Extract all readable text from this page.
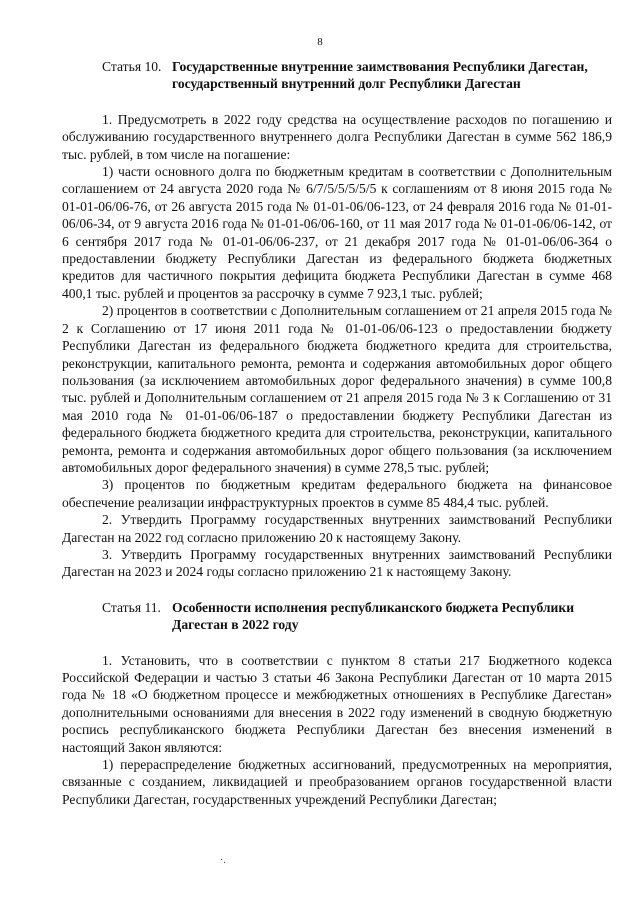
8
Статья 10. Государственные внутренние заимствования Республики Дагестан, государственный внутренний долг Республики Дагестан

1. Предусмотреть в 2022 году средства на осуществление расходов по погашению и обслуживанию государственного внутреннего долга Республики Дагестан в сумме 562 186,9 тыс. рублей, в том числе на погашение:

1) части основного долга по бюджетным кредитам в соответствии с Дополнительным соглашением от 24 августа 2020 года № 6/7/5/5/5/5/5 к соглашениям от 8 июня 2015 года № 01-01-06/06-76, от 26 августа 2015 года № 01-01-06/06-123, от 24 февраля 2016 года № 01-01-06/06-34, от 9 августа 2016 года № 01-01-06/06-160, от 11 мая 2017 года № 01-01-06/06-142, от 6 сентября 2017 года № 01-01-06/06-237, от 21 декабря 2017 года № 01-01-06/06-364 о предоставлении бюджету Республики Дагестан из федерального бюджета бюджетных кредитов для частичного покрытия дефицита бюджета Республики Дагестан в сумме 468 400,1 тыс. рублей и процентов за рассрочку в сумме 7 923,1 тыс. рублей;

2) процентов в соответствии с Дополнительным соглашением от 21 апреля 2015 года № 2 к Соглашению от 17 июня 2011 года № 01-01-06/06-123 о предоставлении бюджету Республики Дагестан из федерального бюджета бюджетного кредита для строительства, реконструкции, капитального ремонта, ремонта и содержания автомобильных дорог общего пользования (за исключением автомобильных дорог федерального значения) в сумме 100,8 тыс. рублей и Дополнительным соглашением от 21 апреля 2015 года № 3 к Соглашению от 31 мая 2010 года № 01-01-06/06-187 о предоставлении бюджету Республики Дагестан из федерального бюджета бюджетного кредита для строительства, реконструкции, капитального ремонта, ремонта и содержания автомобильных дорог общего пользования (за исключением автомобильных дорог федерального значения) в сумме 278,5 тыс. рублей;

3) процентов по бюджетным кредитам федерального бюджета на финансовое обеспечение реализации инфраструктурных проектов в сумме 85 484,4 тыс. рублей.

2. Утвердить Программу государственных внутренних заимствований Республики Дагестан на 2022 год согласно приложению 20 к настоящему Закону.

3. Утвердить Программу государственных внутренних заимствований Республики Дагестан на 2023 и 2024 годы согласно приложению 21 к настоящему Закону.

Статья 11. Особенности исполнения республиканского бюджета Республики Дагестан в 2022 году

1. Установить, что в соответствии с пунктом 8 статьи 217 Бюджетного кодекса Российской Федерации и частью 3 статьи 46 Закона Республики Дагестан от 10 марта 2015 года № 18 «О бюджетном процессе и межбюджетных отношениях в Республике Дагестан» дополнительными основаниями для внесения в 2022 году изменений в сводную бюджетную роспись республиканского бюджета Республики Дагестан без внесения изменений в настоящий Закон являются:

1) перераспределение бюджетных ассигнований, предусмотренных на мероприятия, связанные с созданием, ликвидацией и преобразованием органов государственной власти Республики Дагестан, государственных учреждений Республики Дагестан;

·.
